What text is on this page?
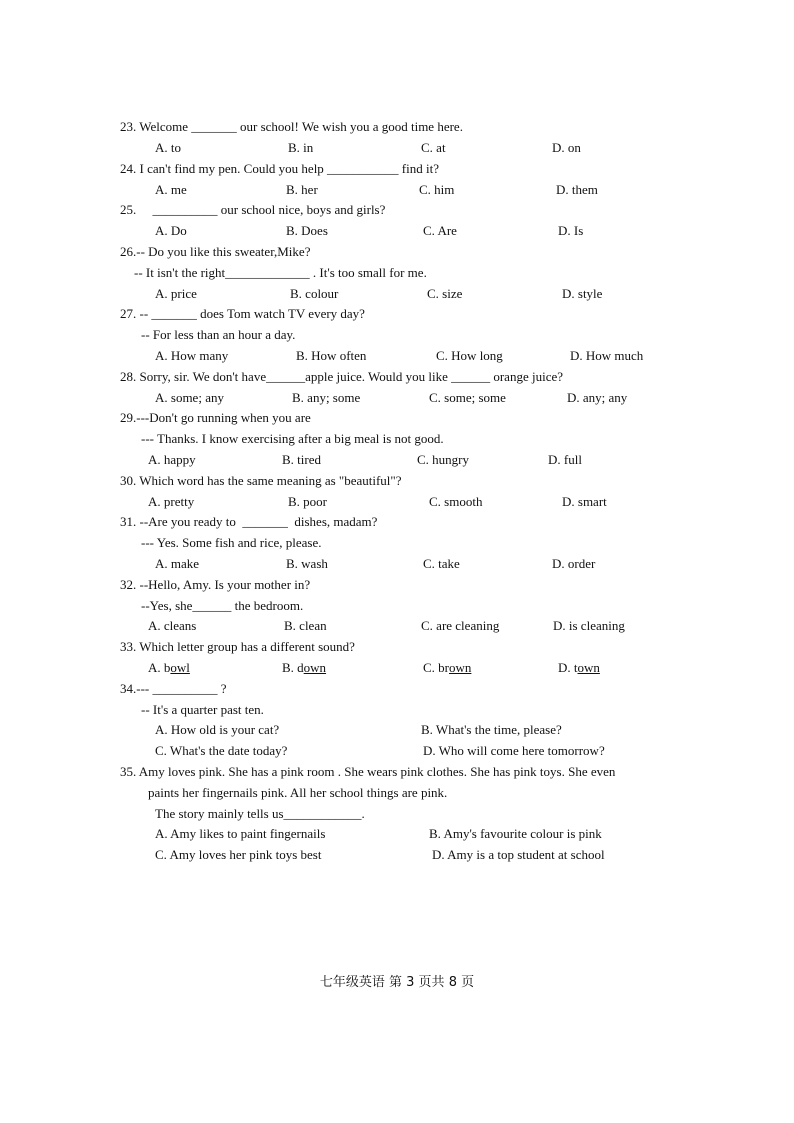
23. Welcome _______ our school! We wish you a good time here.
A. to	B. in	C. at	D. on
24. I can't find my pen. Could you help ___________ find it?
A. me	B. her	C. him	D. them
25.     __________ our school nice, boys and girls?
A. Do	B. Does	C. Are	D. Is
26.-- Do you like this sweater,Mike?
-- It isn't the right_____________ . It's too small for me.
A. price	B. colour	C. size	D. style
27. -- _______ does Tom watch TV every day?
-- For less than an hour a day.
A. How many	B. How often	C. How long	D. How much
28. Sorry, sir. We don't have______apple juice. Would you like ______ orange juice?
A. some; any	B. any; some	C. some; some	D. any; any
29.---Don't go running when you are
--- Thanks. I know exercising after a big meal is not good.
A. happy	B. tired	C. hungry	D. full
30. Which word has the same meaning as "beautiful"?
A. pretty	B. poor	C. smooth	D. smart
31. --Are you ready to  _______  dishes, madam?
--- Yes. Some fish and rice, please.
A. make	B. wash	C. take	D. order
32. --Hello, Amy. Is your mother in?
--Yes, she______ the bedroom.
A. cleans	B. clean	C. are cleaning	D. is cleaning
33. Which letter group has a different sound?
A. bowl	B. down	C. brown	D. town
34.--- __________ ?
-- It's a quarter past ten.
A. How old is your cat?	B. What's the time, please?
C. What's the date today?	D. Who will come here tomorrow?
35. Amy loves pink. She has a pink room . She wears pink clothes. She has pink toys. She even
paints her fingernails pink. All her school things are pink.
The story mainly tells us____________.
A. Amy likes to paint fingernails	B. Amy's favourite colour is pink
C. Amy loves her pink toys best	D. Amy is a top student at school
七年级英语 第 3 页共 8 页
